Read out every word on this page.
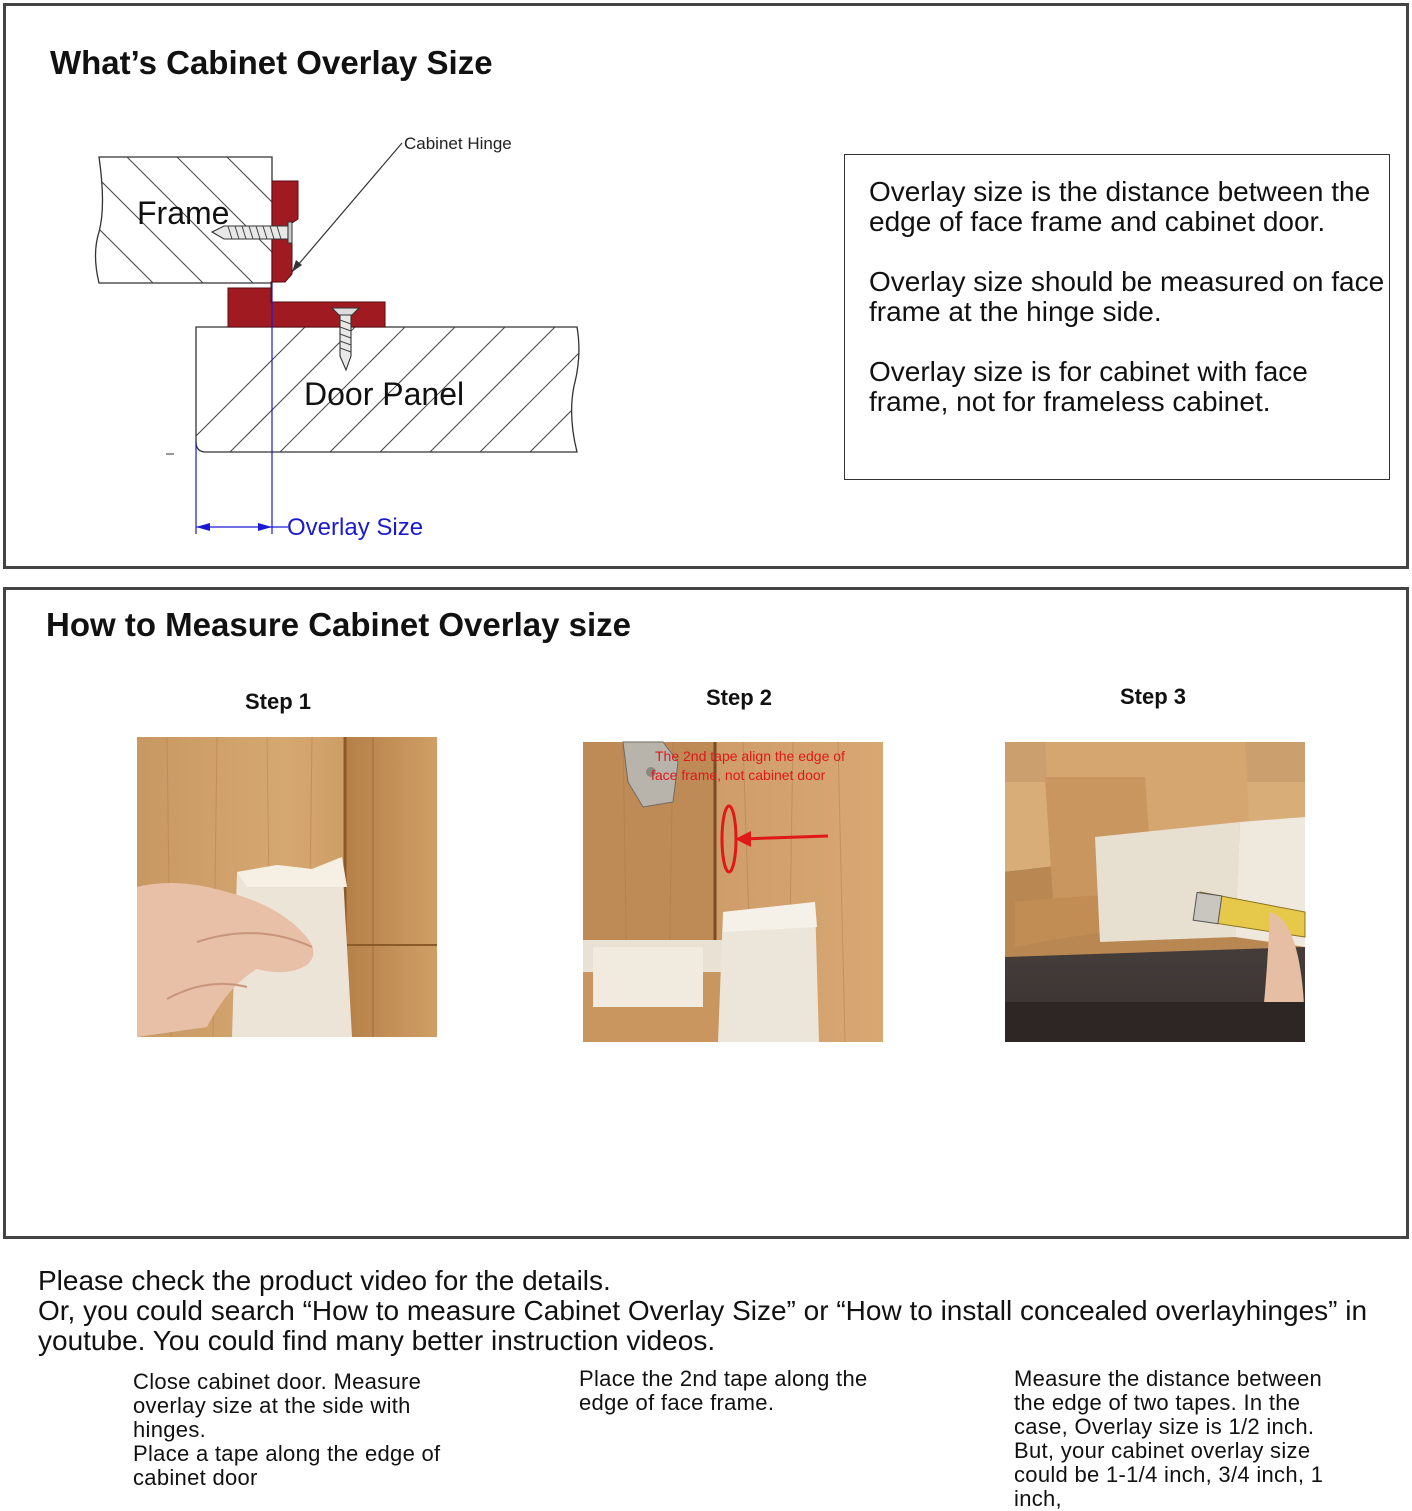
What’s Cabinet Overlay Size
Frame
Cabinet Hinge
Door Panel
Overlay Size

Overlay size is the distance between the edge of face frame and cabinet door.

Overlay size should be measured on face frame at the hinge side.

Overlay size is for cabinet with face frame, not for frameless cabinet.

How to Measure Cabinet Overlay size
Step 1
Close cabinet door. Measure overlay size at the side with hinges.
Place a tape along the edge of cabinet door
Step 2
The 2nd tape align the edge of face frame, not cabinet door
Place the 2nd tape along the edge of face frame.
Step 3
Measure the distance between the edge of two tapes. In the case, Overlay size is 1/2 inch. But, your cabinet overlay size could be 1-1/4 inch, 3/4 inch, 1 inch,
Please check the product video for the details.
Or, you could search “How to measure Cabinet Overlay Size” or “How to install concealed overlayhinges” in youtube. You could find many better instruction videos.
